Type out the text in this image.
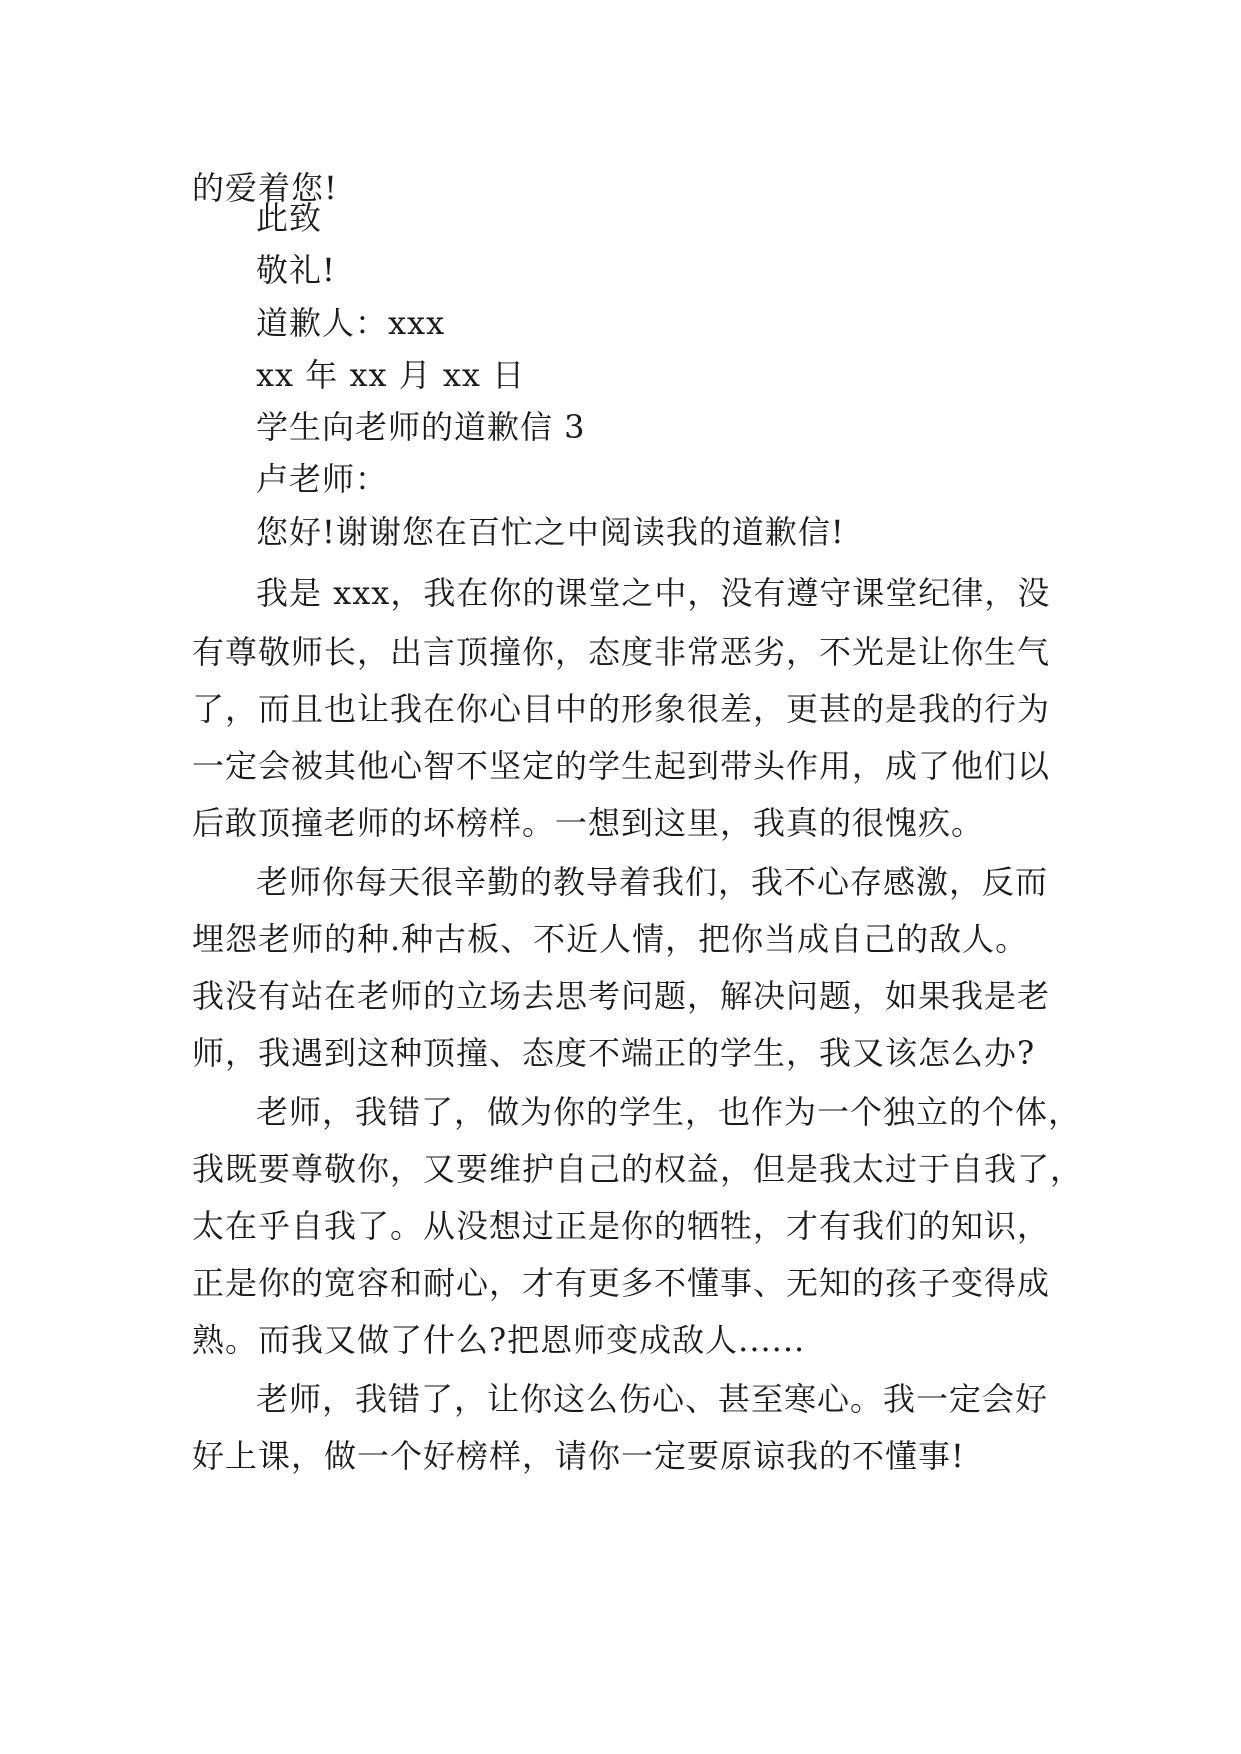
的爱着您!
此致
敬礼!
道歉人：xxx
xx 年 xx 月 xx 日
学生向老师的道歉信 3
卢老师：
您好!谢谢您在百忙之中阅读我的道歉信!
我是 xxx，我在你的课堂之中，没有遵守课堂纪律，没
有尊敬师长，出言顶撞你，态度非常恶劣，不光是让你生气
了，而且也让我在你心目中的形象很差，更甚的是我的行为
一定会被其他心智不坚定的学生起到带头作用，成了他们以
后敢顶撞老师的坏榜样。一想到这里，我真的很愧疚。
老师你每天很辛勤的教导着我们，我不心存感激，反而
埋怨老师的种.种古板、不近人情，把你当成自己的敌人。
我没有站在老师的立场去思考问题，解决问题，如果我是老
师，我遇到这种顶撞、态度不端正的学生，我又该怎么办?
老师，我错了，做为你的学生，也作为一个独立的个体，
我既要尊敬你，又要维护自己的权益，但是我太过于自我了，
太在乎自我了。从没想过正是你的牺牲，才有我们的知识，
正是你的宽容和耐心，才有更多不懂事、无知的孩子变得成
熟。而我又做了什么?把恩师变成敌人......
老师，我错了，让你这么伤心、甚至寒心。我一定会好
好上课，做一个好榜样，请你一定要原谅我的不懂事!
